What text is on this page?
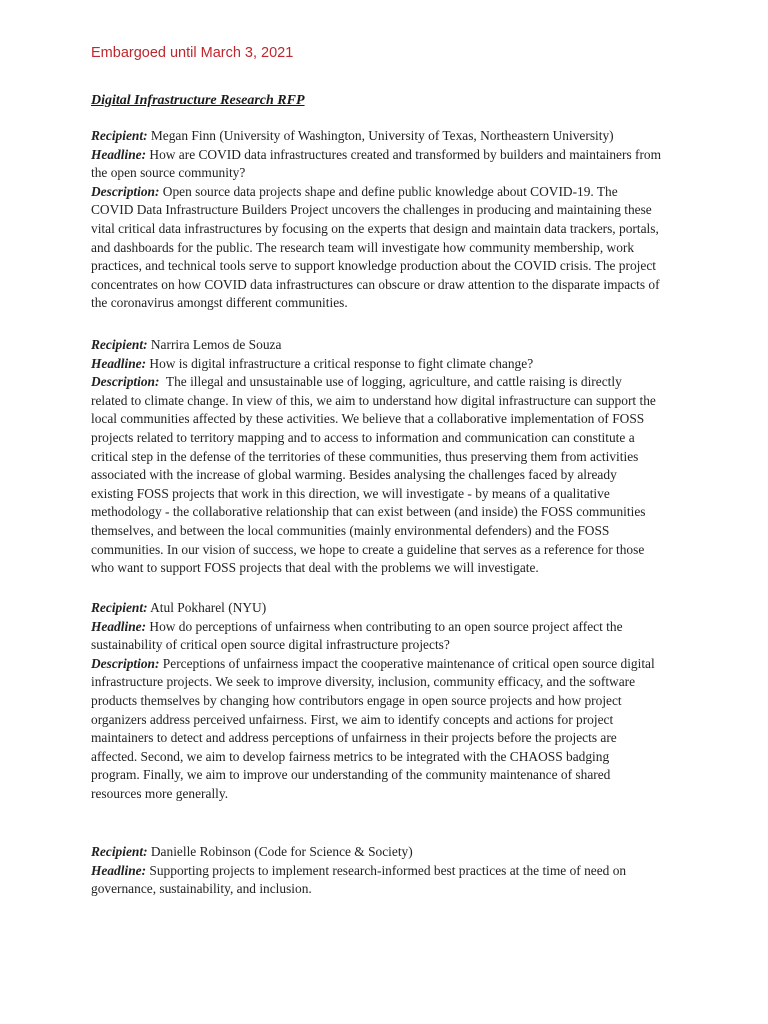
Embargoed until March 3, 2021
Digital Infrastructure Research RFP

Recipient: Megan Finn (University of Washington, University of Texas, Northeastern University)

Headline: How are COVID data infrastructures created and transformed by builders and maintainers from
the open source community?

Description: Open source data projects shape and define public knowledge about COVID-19. The
COVID Data Infrastructure Builders Project uncovers the challenges in producing and maintaining these
vital critical data infrastructures by focusing on the experts that design and maintain data trackers, portals,
and dashboards for the public. The research team will investigate how community membership, work
practices, and technical tools serve to support knowledge production about the COVID crisis. The project
concentrates on how COVID data infrastructures can obscure or draw attention to the disparate impacts of
the coronavirus amongst different communities.

Recipient: Narrira Lemos de Souza

Headline: How is digital infrastructure a critical response to fight climate change?

Description:  The illegal and unsustainable use of logging, agriculture, and cattle raising is directly
related to climate change. In view of this, we aim to understand how digital infrastructure can support the
local communities affected by these activities. We believe that a collaborative implementation of FOSS
projects related to territory mapping and to access to information and communication can constitute a
critical step in the defense of the territories of these communities, thus preserving them from activities
associated with the increase of global warming. Besides analysing the challenges faced by already
existing FOSS projects that work in this direction, we will investigate - by means of a qualitative
methodology - the collaborative relationship that can exist between (and inside) the FOSS communities
themselves, and between the local communities (mainly environmental defenders) and the FOSS
communities. In our vision of success, we hope to create a guideline that serves as a reference for those
who want to support FOSS projects that deal with the problems we will investigate.

Recipient: Atul Pokharel (NYU)

Headline: How do perceptions of unfairness when contributing to an open source project affect the
sustainability of critical open source digital infrastructure projects?

Description: Perceptions of unfairness impact the cooperative maintenance of critical open source digital
infrastructure projects. We seek to improve diversity, inclusion, community efficacy, and the software
products themselves by changing how contributors engage in open source projects and how project
organizers address perceived unfairness. First, we aim to identify concepts and actions for project
maintainers to detect and address perceptions of unfairness in their projects before the projects are
affected. Second, we aim to develop fairness metrics to be integrated with the CHAOSS badging
program. Finally, we aim to improve our understanding of the community maintenance of shared
resources more generally.

Recipient: Danielle Robinson (Code for Science & Society)

Headline: Supporting projects to implement research-informed best practices at the time of need on
governance, sustainability, and inclusion.
